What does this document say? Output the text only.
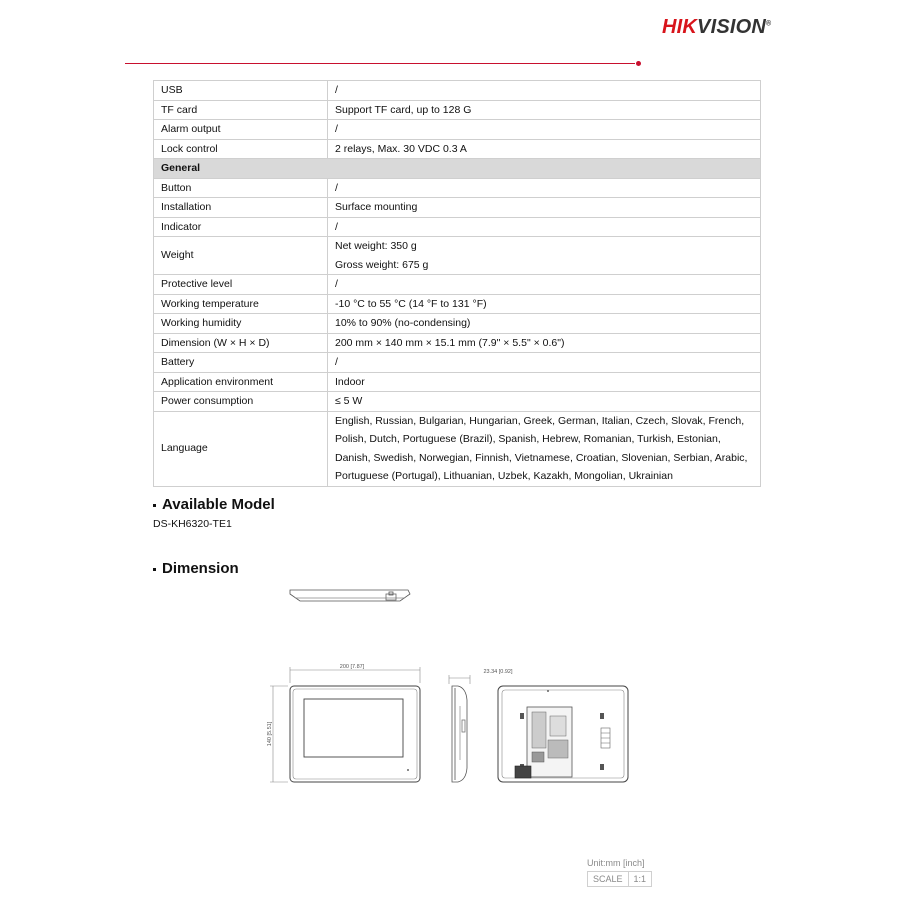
HIKVISION®
USB	/

TF card	Support TF card, up to 128 G

Alarm output	/

Lock control	2 relays, Max. 30 VDC 0.3 A

General	
Button	/

Installation	Surface mounting

Indicator	/

Weight	Net weight: 350 g
Gross weight: 675 g

Protective level	/

Working temperature	-10 °C to 55 °C (14 °F to 131 °F)

Working humidity	10% to 90% (no-condensing)

Dimension (W × H × D)	200 mm × 140 mm × 15.1 mm (7.9" × 5.5" × 0.6")

Battery	/

Application environment	Indoor

Power consumption	≤ 5 W

Language	English, Russian, Bulgarian, Hungarian, Greek, German, Italian, Czech, Slovak, French,
Polish, Dutch, Portuguese (Brazil), Spanish, Hebrew, Romanian, Turkish, Estonian,
Danish, Swedish, Norwegian, Finnish, Vietnamese, Croatian, Slovenian, Serbian, Arabic,
Portuguese (Portugal), Lithuanian, Uzbek, Kazakh, Mongolian, Ukrainian
Available Model
DS-KH6320-TE1
Dimension
200 [7.87]
140 [5.51]
23.34 [0.92]
Unit:mm [inch]
SCALE	1:1
